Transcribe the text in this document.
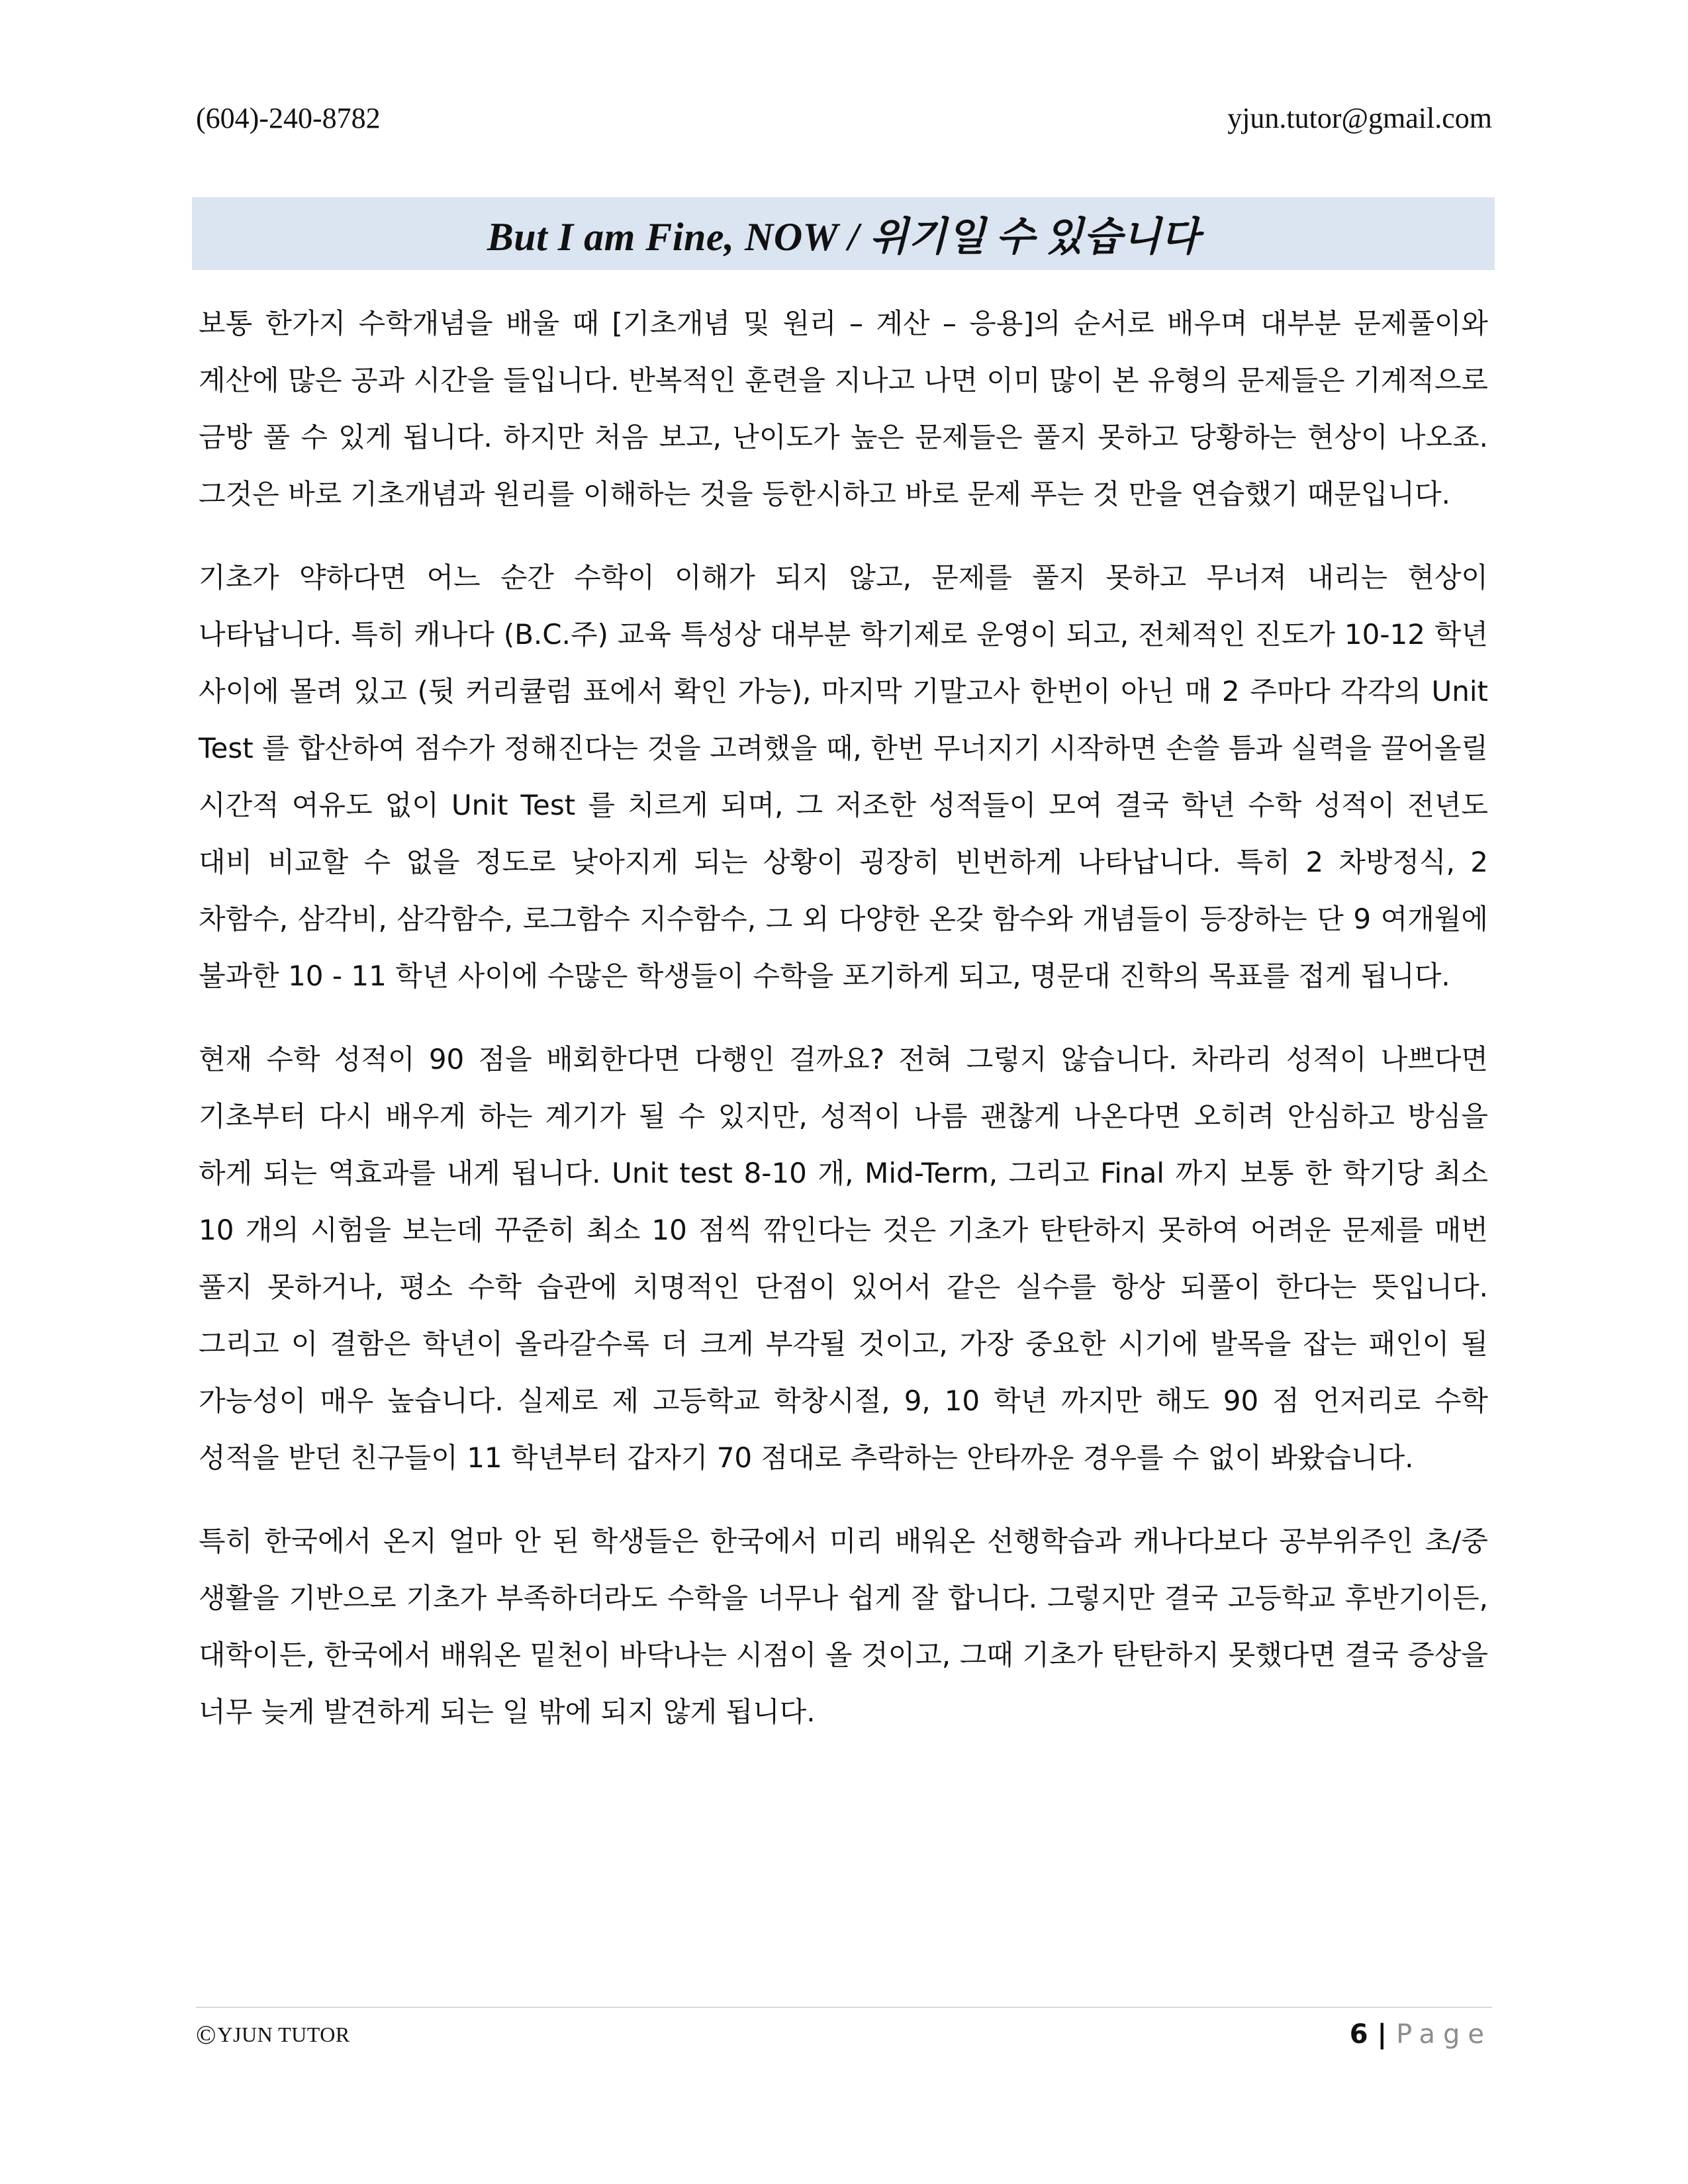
(604)-240-8782	yjun.tutor@gmail.com
But I am Fine, NOW / 위기일 수 있습니다

보통 한가지 수학개념을 배울 때 [기초개념 및 원리 – 계산 – 응용]의 순서로 배우며 대부분 문제풀이와 계산에 많은 공과 시간을 들입니다. 반복적인 훈련을 지나고 나면 이미 많이 본 유형의 문제들은 기계적으로 금방 풀 수 있게 됩니다. 하지만 처음 보고, 난이도가 높은 문제들은 풀지 못하고 당황하는 현상이 나오죠. 그것은 바로 기초개념과 원리를 이해하는 것을 등한시하고 바로 문제 푸는 것 만을 연습했기 때문입니다.

기초가 약하다면 어느 순간 수학이 이해가 되지 않고, 문제를 풀지 못하고 무너져 내리는 현상이 나타납니다. 특히 캐나다 (B.C.주) 교육 특성상 대부분 학기제로 운영이 되고, 전체적인 진도가 10-12 학년 사이에 몰려 있고 (뒷 커리큘럼 표에서 확인 가능), 마지막 기말고사 한번이 아닌 매 2 주마다 각각의 Unit Test 를 합산하여 점수가 정해진다는 것을 고려했을 때, 한번 무너지기 시작하면 손쓸 틈과 실력을 끌어올릴 시간적 여유도 없이 Unit Test 를 치르게 되며, 그 저조한 성적들이 모여 결국 학년 수학 성적이 전년도 대비 비교할 수 없을 정도로 낮아지게 되는 상황이 굉장히 빈번하게 나타납니다. 특히 2 차방정식, 2 차함수, 삼각비, 삼각함수, 로그함수 지수함수, 그 외 다양한 온갖 함수와 개념들이 등장하는 단 9 여개월에 불과한 10 - 11 학년 사이에 수많은 학생들이 수학을 포기하게 되고, 명문대 진학의 목표를 접게 됩니다.

현재 수학 성적이 90 점을 배회한다면 다행인 걸까요? 전혀 그렇지 않습니다. 차라리 성적이 나쁘다면 기초부터 다시 배우게 하는 계기가 될 수 있지만, 성적이 나름 괜찮게 나온다면 오히려 안심하고 방심을 하게 되는 역효과를 내게 됩니다. Unit test 8-10 개, Mid-Term, 그리고 Final 까지 보통 한 학기당 최소 10 개의 시험을 보는데 꾸준히 최소 10 점씩 깎인다는 것은 기초가 탄탄하지 못하여 어려운 문제를 매번 풀지 못하거나, 평소 수학 습관에 치명적인 단점이 있어서 같은 실수를 항상 되풀이 한다는 뜻입니다. 그리고 이 결함은 학년이 올라갈수록 더 크게 부각될 것이고, 가장 중요한 시기에 발목을 잡는 패인이 될 가능성이 매우 높습니다. 실제로 제 고등학교 학창시절, 9, 10 학년 까지만 해도 90 점 언저리로 수학 성적을 받던 친구들이 11 학년부터 갑자기 70 점대로 추락하는 안타까운 경우를 수 없이 봐왔습니다.

특히 한국에서 온지 얼마 안 된 학생들은 한국에서 미리 배워온 선행학습과 캐나다보다 공부위주인 초/중 생활을 기반으로 기초가 부족하더라도 수학을 너무나 쉽게 잘 합니다. 그렇지만 결국 고등학교 후반기이든, 대학이든, 한국에서 배워온 밑천이 바닥나는 시점이 올 것이고, 그때 기초가 탄탄하지 못했다면 결국 증상을 너무 늦게 발견하게 되는 일 밖에 되지 않게 됩니다.

© YJUN TUTOR	6 | Page
